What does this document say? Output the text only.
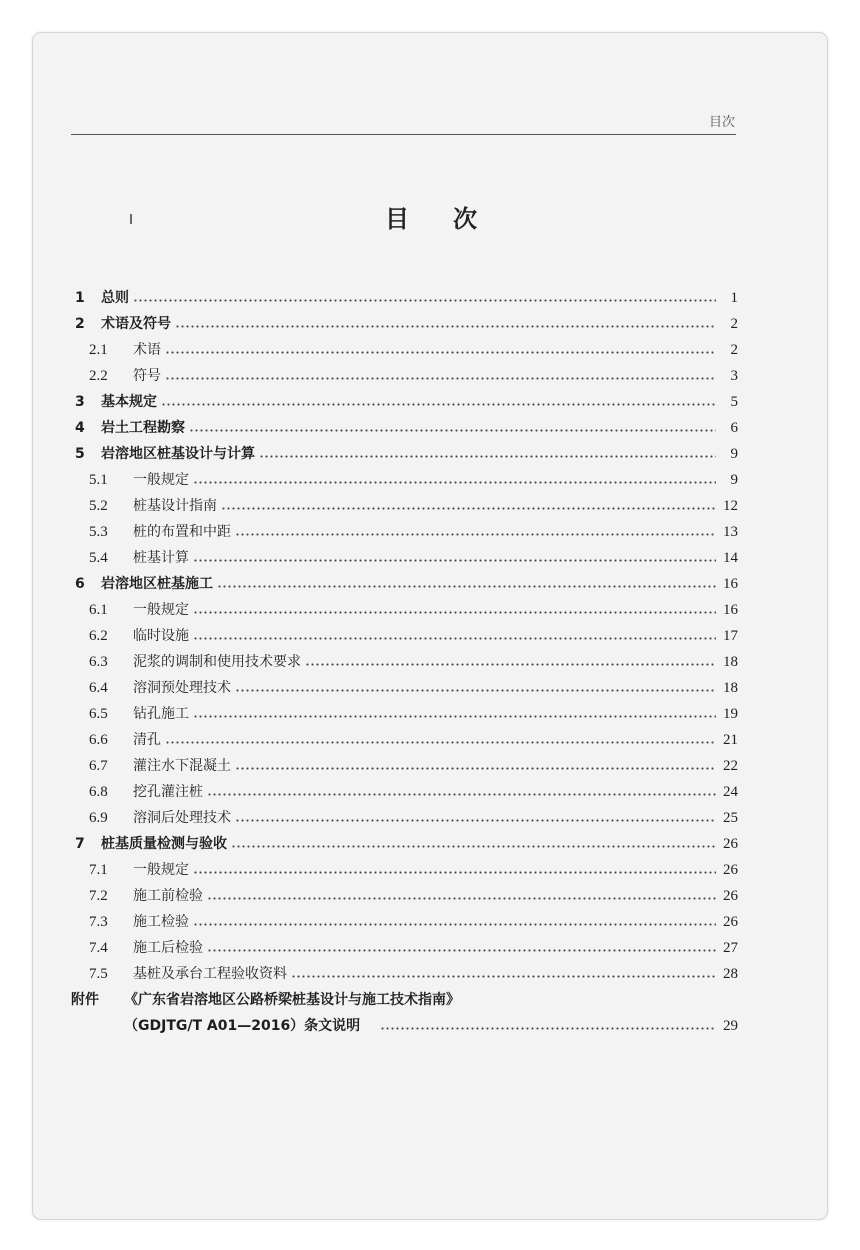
目次
目次
1	总则	1
2	术语及符号	2
2.1	术语	2
2.2	符号	3
3	基本规定	5
4	岩土工程勘察	6
5	岩溶地区桩基设计与计算	9
5.1	一般规定	9
5.2	桩基设计指南	12
5.3	桩的布置和中距	13
5.4	桩基计算	14
6	岩溶地区桩基施工	16
6.1	一般规定	16
6.2	临时设施	17
6.3	泥浆的调制和使用技术要求	18
6.4	溶洞预处理技术	18
6.5	钻孔施工	19
6.6	清孔	21
6.7	灌注水下混凝土	22
6.8	挖孔灌注桩	24
6.9	溶洞后处理技术	25
7	桩基质量检测与验收	26
7.1	一般规定	26
7.2	施工前检验	26
7.3	施工检验	26
7.4	施工后检验	27
7.5	基桩及承台工程验收资料	28
附件	《广东省岩溶地区公路桥梁桩基设计与施工技术指南》
（GDJTG/T A01—2016）条文说明	29
